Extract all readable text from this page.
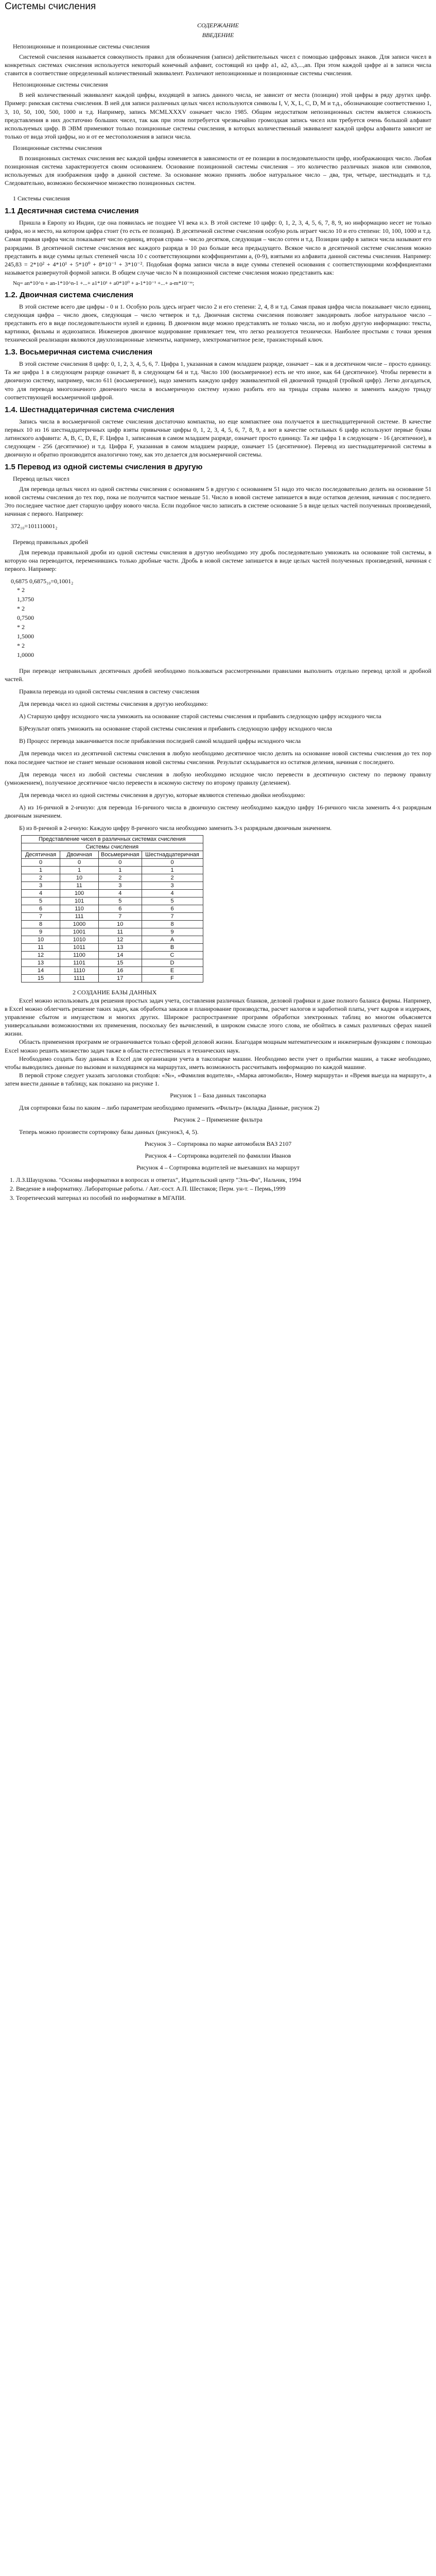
Системы счисления
СОДЕРЖАНИЕ
ВВЕДЕНИЕ

Непозиционные и позиционные системы счисления

Системой счисления называется совокупность правил для обозначения (записи) действительных чисел с помощью цифровых знаков. Для записи чисел в конкретных системах счисления используется некоторый конечный алфавит, состоящий из цифр a1, a2, a3,...,an. При этом каждой цифре ai в записи числа ставится в соответствие определенный количественный эквивалент. Различают непозиционные и позиционные системы счисления.

Непозиционные системы счисления

В ней количественный эквивалент каждой цифры, входящей в запись данного числа, не зависит от места (позиции) этой цифры в ряду других цифр. Пример: римская система счисления. В ней для записи различных целых чисел используются символы I, V, X, L, C, D, M и т.д., обозначающие соответственно 1, 3, 10, 50, 100, 500, 1000 и т.д. Например, запись MCMLXXXV означает число 1985. Общим недостатком непозиционных систем является сложность представления в них достаточно больших чисел, так как при этом потребуется чрезвычайно громоздкая запись чисел или требуется очень большой алфавит используемых цифр. В ЭВМ применяют только позиционные системы счисления, в которых количественный эквивалент каждой цифры алфавита зависит не только от вида этой цифры, но и от ее местоположения в записи числа.

Позиционные системы счисления

В позиционных системах счисления вес каждой цифры изменяется в зависимости от ее позиции в последовательности цифр, изображающих число. Любая позиционная система характеризуется своим основанием. Основание позиционной системы счисления – это количество различных знаков или символов, используемых для изображения цифр в данной системе. За основание можно принять любое натуральное число – два, три, четыре, шестнадцать и т.д. Следовательно, возможно бесконечное множество позиционных систем.

1 Системы счисления

1.1 Десятичная система счисления

Пришла в Европу из Индии, где она появилась не позднее VI века н.э. В этой системе 10 цифр: 0, 1, 2, 3, 4, 5, 6, 7, 8, 9, но информацию несет не только цифра, но и место, на котором цифра стоит (то есть ее позиция). В десятичной системе счисления особую роль играет число 10 и его степени: 10, 100, 1000 и т.д. Самая правая цифра числа показывает число единиц, вторая справа – число десятков, следующая – число сотен и т.д. Позиции цифр в записи числа называют его разрядами. В десятичной системе счисления вес каждого разряда в 10 раз больше веса предыдущего. Всякое число в десятичной системе счисления можно представить в виде суммы целых степеней числа 10 с соответствующими коэффициентами a, (0-9), взятыми из алфавита данной системы счисления. Например: 245,83 = 2*10² + 4*10¹ + 5*10⁰ + 8*10⁻¹ + 3*10⁻². Подобная форма записи числа в виде суммы степеней основания с соответствующими коэффициентами называется развернутой формой записи. В общем случае число N в позиционной системе счисления можно представить как:

Nq= an*10^n + an-1*10^n-1 +...+ a1*10¹ + a0*10⁰ + a-1*10⁻¹ +...+ a-m*10⁻ᵐ;
1.2. Двоичная система счисления

В этой системе всего две цифры - 0 и 1. Особую роль здесь играет число 2 и его степени: 2, 4, 8 и т.д. Самая правая цифра числа показывает число единиц, следующая цифра – число двоек, следующая – число четверок и т.д. Двоичная система счисления позволяет закодировать любое натуральное число – представить его в виде последовательности нулей и единиц. В двоичном виде можно представлять не только числа, но и любую другую информацию: тексты, картинки, фильмы и аудиозаписи. Инженеров двоичное кодирование привлекает тем, что легко реализуется технически. Наиболее простыми с точки зрения технической реализации являются двухпозиционные элементы, например, электромагнитное реле, транзисторный ключ.

1.3. Восьмеричная система счисления

В этой системе счисления 8 цифр: 0, 1, 2, 3, 4, 5, 6, 7. Цифра 1, указанная в самом младшем разряде, означает – как и в десятичном числе – просто единицу. Та же цифра 1 в следующем разряде означает 8, в следующем 64 и т.д. Число 100 (восьмеричное) есть не что иное, как 64 (десятичное). Чтобы перевести в двоичную систему, например, число 611 (восьмеричное), надо заменить каждую цифру эквивалентной ей двоичной триадой (тройкой цифр). Легко догадаться, что для перевода многозначного двоичного числа в восьмеричную систему нужно разбить его на триады справа налево и заменить каждую триаду соответствующей восьмеричной цифрой.

1.4. Шестнадцатеричная система счисления

Запись числа в восьмеричной системе счисления достаточно компактна, но еще компактнее она получается в шестнадцатеричной системе. В качестве первых 10 из 16 шестнадцатеричных цифр взяты привычные цифры 0, 1, 2, 3, 4, 5, 6, 7, 8, 9, а вот в качестве остальных 6 цифр используют первые буквы латинского алфавита: A, B, C, D, E, F. Цифра 1, записанная в самом младшем разряде, означает просто единицу. Та же цифра 1 в следующем - 16 (десятичное), в следующем - 256 (десятичное) и т.д. Цифра F, указанная в самом младшем разряде, означает 15 (десятичное). Перевод из шестнадцатеричной системы в двоичную и обратно производится аналогично тому, как это делается для восьмеричной системы.

1.5 Перевод из одной системы счисления в другую

Перевод целых чисел

Для перевода целых чисел из одной системы счисления с основанием 5 в другую с основанием 51 надо это число последовательно делить на основание 51 новой системы счисления до тех пор, пока не получится частное меньше 51. Число в новой системе запишется в виде остатков деления, начиная с последнего. Это последнее частное дает старшую цифру нового числа. Если подобное число записать в системе основание 5 в виде целых частей полученных произведений, начиная с первого. Например:

372₁₀=101110001₂

Перевод правильных дробей

Для перевода правильной дроби из одной системы счисления в другую необходимо эту дробь последовательно умножать на основание той системы, в которую она переводится, переменившись только дробные части. Дробь в новой системе запишется в виде целых частей полученных произведений, начиная с первого. Например:

0,6875 0,6875₁₀=0,1001₂

* 2
1,3750
* 2
0,7500
* 2
1,5000
* 2
1,0000

При переводе неправильных десятичных дробей необходимо пользоваться рассмотренными правилами выполнить отдельно перевод целой и дробной частей.

Правила перевода из одной системы счисления в систему счисления

Для перевода чисел из одной системы счисления в другую необходимо:

А) Старшую цифру исходного числа умножить на основание старой системы счисления и прибавить следующую цифру исходного числа

Б)Результат опять умножить на основание старой системы счисления и прибавить следующую цифру исходного числа

В) Процесс перевода заканчивается после прибавления последней самой младшей цифры исходного числа

Для перевода чисел из десятичной системы счисления в любую необходимо десятичное число делить на основание новой системы счисления до тех пор пока последнее частное не станет меньше основания новой системы счисления. Результат складывается из остатков деления, начиная с последнего.

Для перевода чисел из любой системы счисления в любую необходимо исходное число перевести в десятичную систему по первому правилу (умножением), полученное десятичное число перевести в искомую систему по второму правилу (делением).

Для перевода чисел из одной системы счисления в другую, которые являются степенью двойки необходимо:

А) из 16-ричной в 2-ичную: для перевода 16-ричного числа в двоичную систему необходимо каждую цифру 16-ричного числа заменить 4-х разрядным двоичным значением.

Б) из 8-ричной в 2-ичную: Каждую цифру 8-ричного числа необходимо заменить 3-х разрядным двоичным значением.

Представление чисел в различных системах счисления			
Системы счисления			
Десятичная	Двоичная	Восьмеричная	Шестнадцатеричная
0	0	0	0
1	1	1	1
2	10	2	2
3	11	3	3
4	100	4	4
5	101	5	5
6	110	6	6
7	111	7	7
8	1000	10	8
9	1001	11	9
10	1010	12	A
11	1011	13	B
12	1100	14	C
13	1101	15	D
14	1110	16	E
15	1111	17	F
2 СОЗДАНИЕ БАЗЫ ДАННЫХ

Excel можно использовать для решения простых задач учета, составления различных бланков, деловой графики и даже полного баланса фирмы. Например, в Excel можно облегчить решение таких задач, как обработка заказов и планирование производства, расчет налогов и заработной платы, учет кадров и издержек, управление сбытом и имуществом и многих других. Широкое распространение программ обработки электронных таблиц во многом объясняется универсальными возможностями их применения, поскольку без вычислений, в широком смысле этого слова, не обойтись в самых различных сферах нашей жизни.

Область применения программ не ограничивается только сферой деловой жизни. Благодаря мощным математическим и инженерным функциям с помощью Excel можно решить множество задач также в области естественных и технических наук.

Необходимо создать базу данных в Excel для организации учета в таксопарке машин. Необходимо вести учет о прибытии машин, а также необходимо, чтобы выводились данные по вызовам и находящимся на маршрутах, иметь возможность рассчитывать информацию по каждой машине.

В первой строке следует указать заголовки столбцов: «№», «Фамилия водителя», «Марка автомобиля», Номер маршрута» и «Время выезда на маршрут», а затем внести данные в таблицу, как показано на рисунке 1.

Рисунок 1 – База данных таксопарка

Для сортировки базы по каким – либо параметрам необходимо применить «Фильтр» (вкладка Данные, рисунок 2)

Рисунок 2 – Применение фильтра

Теперь можно произвести сортировку базы данных (рисунок3, 4, 5).

Рисунок 3 – Сортировка по марке автомобиля ВАЗ 2107
Рисунок 4 – Сортировка водителей по фамилии Иванов
Рисунок 4 – Сортировка водителей не выехавших на маршрут
1. Л.З.Шауцукова. "Основы информатики в вопросах и ответах", Издательский центр "Эль-Фа", Нальчик, 1994
2. Введение в информатику. Лабораторные работы. / Авт.-сост. А.П. Шестаков; Перм. ун-т. – Пермь,1999
3. Теоретический материал из пособий по информатике в МГАПИ.
